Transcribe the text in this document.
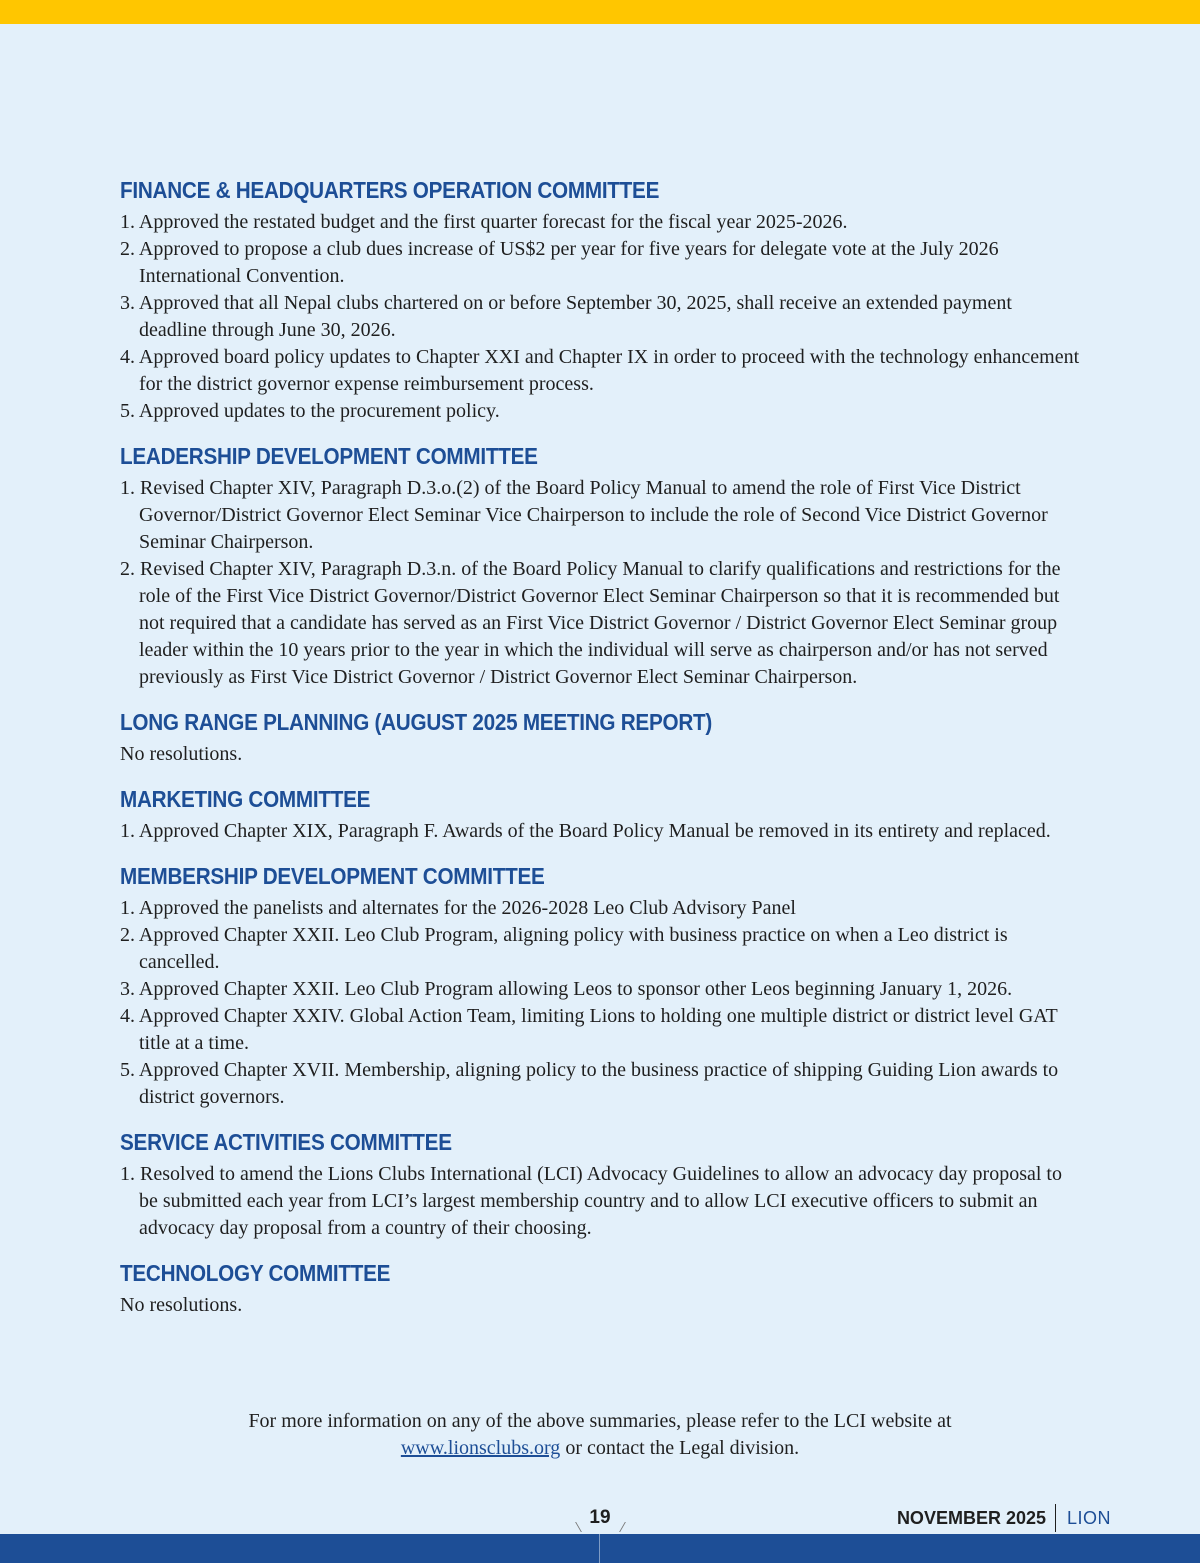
FINANCE & HEADQUARTERS OPERATION COMMITTEE
1. Approved the restated budget and the first quarter forecast for the fiscal year 2025-2026.
2. Approved to propose a club dues increase of US$2 per year for five years for delegate vote at the July 2026 International Convention.
3. Approved that all Nepal clubs chartered on or before September 30, 2025, shall receive an extended payment deadline through June 30, 2026.
4. Approved board policy updates to Chapter XXI and Chapter IX in order to proceed with the technology enhancement for the district governor expense reimbursement process.
5. Approved updates to the procurement policy.
LEADERSHIP DEVELOPMENT COMMITTEE
1. Revised Chapter XIV, Paragraph D.3.o.(2) of the Board Policy Manual to amend the role of First Vice District Governor/District Governor Elect Seminar Vice Chairperson to include the role of Second Vice District Governor Seminar Chairperson.
2. Revised Chapter XIV, Paragraph D.3.n. of the Board Policy Manual to clarify qualifications and restrictions for the role of the First Vice District Governor/District Governor Elect Seminar Chairperson so that it is recommended but not required that a candidate has served as an First Vice District Governor / District Governor Elect Seminar group leader within the 10 years prior to the year in which the individual will serve as chairperson and/or has not served previously as First Vice District Governor / District Governor Elect Seminar Chairperson.
LONG RANGE PLANNING (AUGUST 2025 MEETING REPORT)

No resolutions.

MARKETING COMMITTEE
1. Approved Chapter XIX, Paragraph F. Awards of the Board Policy Manual be removed in its entirety and replaced.
MEMBERSHIP DEVELOPMENT COMMITTEE
1. Approved the panelists and alternates for the 2026-2028 Leo Club Advisory Panel
2. Approved Chapter XXII. Leo Club Program, aligning policy with business practice on when a Leo district is cancelled.
3. Approved Chapter XXII. Leo Club Program allowing Leos to sponsor other Leos beginning January 1, 2026.
4. Approved Chapter XXIV. Global Action Team, limiting Lions to holding one multiple district or district level GAT title at a time.
5. Approved Chapter XVII. Membership, aligning policy to the business practice of shipping Guiding Lion awards to district governors.
SERVICE ACTIVITIES COMMITTEE
1. Resolved to amend the Lions Clubs International (LCI) Advocacy Guidelines to allow an advocacy day proposal to be submitted each year from LCI’s largest membership country and to allow LCI executive officers to submit an advocacy day proposal from a country of their choosing.
TECHNOLOGY COMMITTEE

No resolutions.

For more information on any of the above summaries, please refer to the LCI website at
www.lionsclubs.org or contact the Legal division.
19	NOVEMBER 2025 LION
